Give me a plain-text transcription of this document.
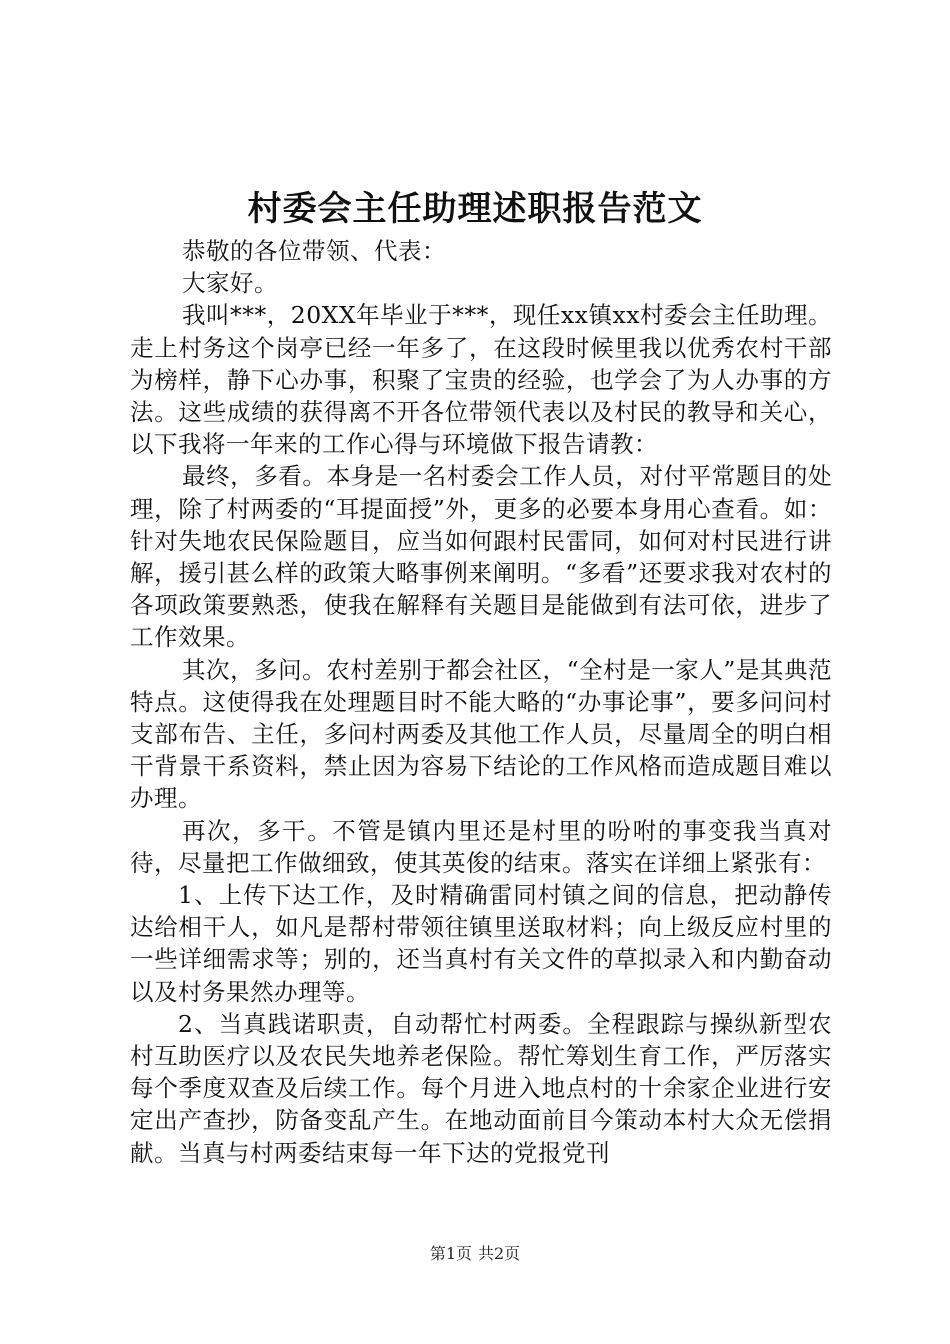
村委会主任助理述职报告范文

恭敬的各位带领、代表：

大家好。

我叫***，20XX年毕业于***，现任xx镇xx村委会主任助理。走上村务这个岗亭已经一年多了，在这段时候里我以优秀农村干部为榜样，静下心办事，积聚了宝贵的经验，也学会了为人办事的方法。这些成绩的获得离不开各位带领代表以及村民的教导和关心，以下我将一年来的工作心得与环境做下报告请教：

最终，多看。本身是一名村委会工作人员，对付平常题目的处理，除了村两委的“耳提面授”外，更多的必要本身用心查看。如：针对失地农民保险题目，应当如何跟村民雷同，如何对村民进行讲解，援引甚么样的政策大略事例来阐明。“多看”还要求我对农村的各项政策要熟悉，使我在解释有关题目是能做到有法可依，进步了工作效果。

其次，多问。农村差别于都会社区，“全村是一家人”是其典范特点。这使得我在处理题目时不能大略的“办事论事”，要多问问村支部布告、主任，多问村两委及其他工作人员，尽量周全的明白相干背景干系资料，禁止因为容易下结论的工作风格而造成题目难以办理。

再次，多干。不管是镇内里还是村里的吩咐的事变我当真对待，尽量把工作做细致，使其英俊的结束。落实在详细上紧张有：

1、上传下达工作，及时精确雷同村镇之间的信息，把动静传达给相干人，如凡是帮村带领往镇里送取材料；向上级反应村里的一些详细需求等；别的，还当真村有关文件的草拟录入和内勤奋动以及村务果然办理等。

2、当真践诺职责，自动帮忙村两委。全程跟踪与操纵新型农村互助医疗以及农民失地养老保险。帮忙筹划生育工作，严厉落实每个季度双查及后续工作。每个月进入地点村的十余家企业进行安定出产查抄，防备变乱产生。在地动面前目今策动本村大众无偿捐献。当真与村两委结束每一年下达的党报党刊

第1页 共2页
